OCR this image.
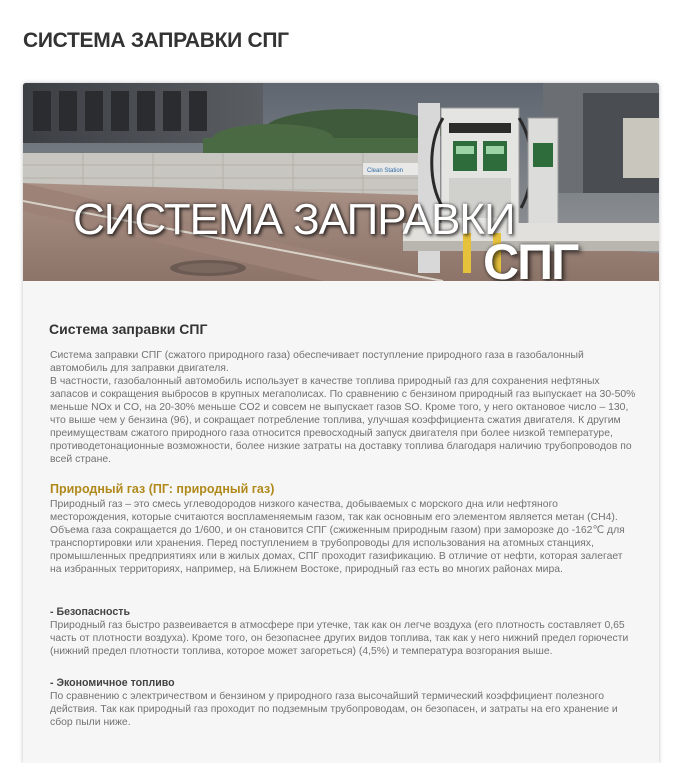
СИСТЕМА ЗАПРАВКИ СПГ
Clean Station
СИСТЕМА ЗАПРАВКИ
СПГ
Система заправки СПГ

Система заправки СПГ (сжатого природного газа) обеспечивает поступление природного газа в газобалонный автомобиль для заправки двигателя.

В частности, газобалонный автомобиль использует в качестве топлива природный газ для сохранения нефтяных запасов и сокращения выбросов в крупных мегаполисах. По сравнению с бензином природный газ выпускает на 30-50% меньше NOx и CO, на 20-30% меньше CO2 и совсем не выпускает газов SO. Кроме того, у него октановое число – 130, что выше чем у бензина (96), и сокращает потребление топлива, улучшая коэффициента сжатия двигателя. К другим преимуществам сжатого природного газа относится превосходный запуск двигателя при более низкой температуре, противодетонационные возможности, более низкие затраты на доставку топлива благодаря наличию трубопроводов по всей стране.

Природный газ (ПГ: природный газ)

Природный газ – это смесь углеводородов низкого качества, добываемых с морского дна или нефтяного месторождения, которые считаются воспламеняемым газом, так как основным его элементом является метан (CH4). Объема газа сокращается до 1/600, и он становится СПГ (сжиженным природным газом) при заморозке до -162℃ для транспортировки или хранения. Перед поступлением в трубопроводы для использования на атомных станциях, промышленных предприятиях или в жилых домах, СПГ проходит газификацию. В отличие от нефти, которая залегает на избранных территориях, например, на Ближнем Востоке, природный газ есть во многих районах мира.

- Безопасность

Природный газ быстро развеивается в атмосфере при утечке, так как он легче воздуха (его плотность составляет 0,65 часть от плотности воздуха). Кроме того, он безопаснее других видов топлива, так как у него нижний предел горючести (нижний предел плотности топлива, которое может загореться) (4,5%) и температура возгорания выше.

- Экономичное топливо

По сравнению с электричеством и бензином у природного газа высочайший термический коэффициент полезного действия. Так как природный газ проходит по подземным трубопроводам, он безопасен, и затраты на его хранение и сбор пыли ниже.
